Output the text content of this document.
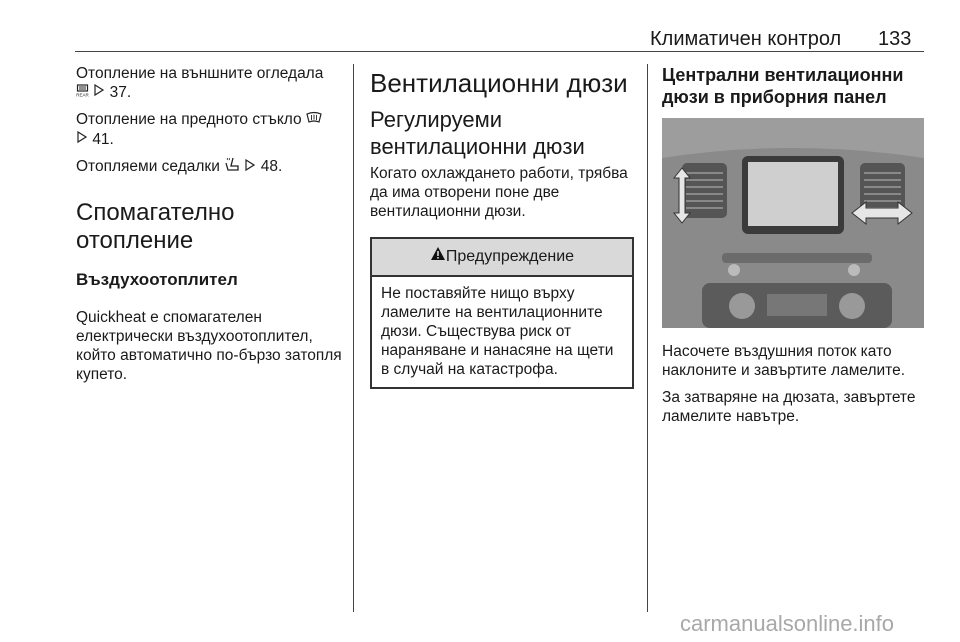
Климатичен контрол 133

Отопление на външните огледала

REAR 37.

Отопление на предното стъкло
41.

Отопляеми седалки	48.

Спомагателно отопление
Въздухоотоплител

Quickheat е спомагателен електрически въздухоотоплител, който автоматично по-бързо затопля купето.

Вентилационни дюзи
Регулируеми вентилационни дюзи

Когато охлаждането работи, трябва да има отворени поне две вентилационни дюзи.

Предупреждение

Не поставяйте нищо върху ламелите на вентилационните дюзи. Съществува риск от нараняване и нанасяне на щети в случай на катастрофа.

Централни вентилационни дюзи в приборния панел

Насочете въздушния поток като наклоните и завъртите ламелите.

За затваряне на дюзата, завъртете ламелите навътре.

carmanualsonline.info
